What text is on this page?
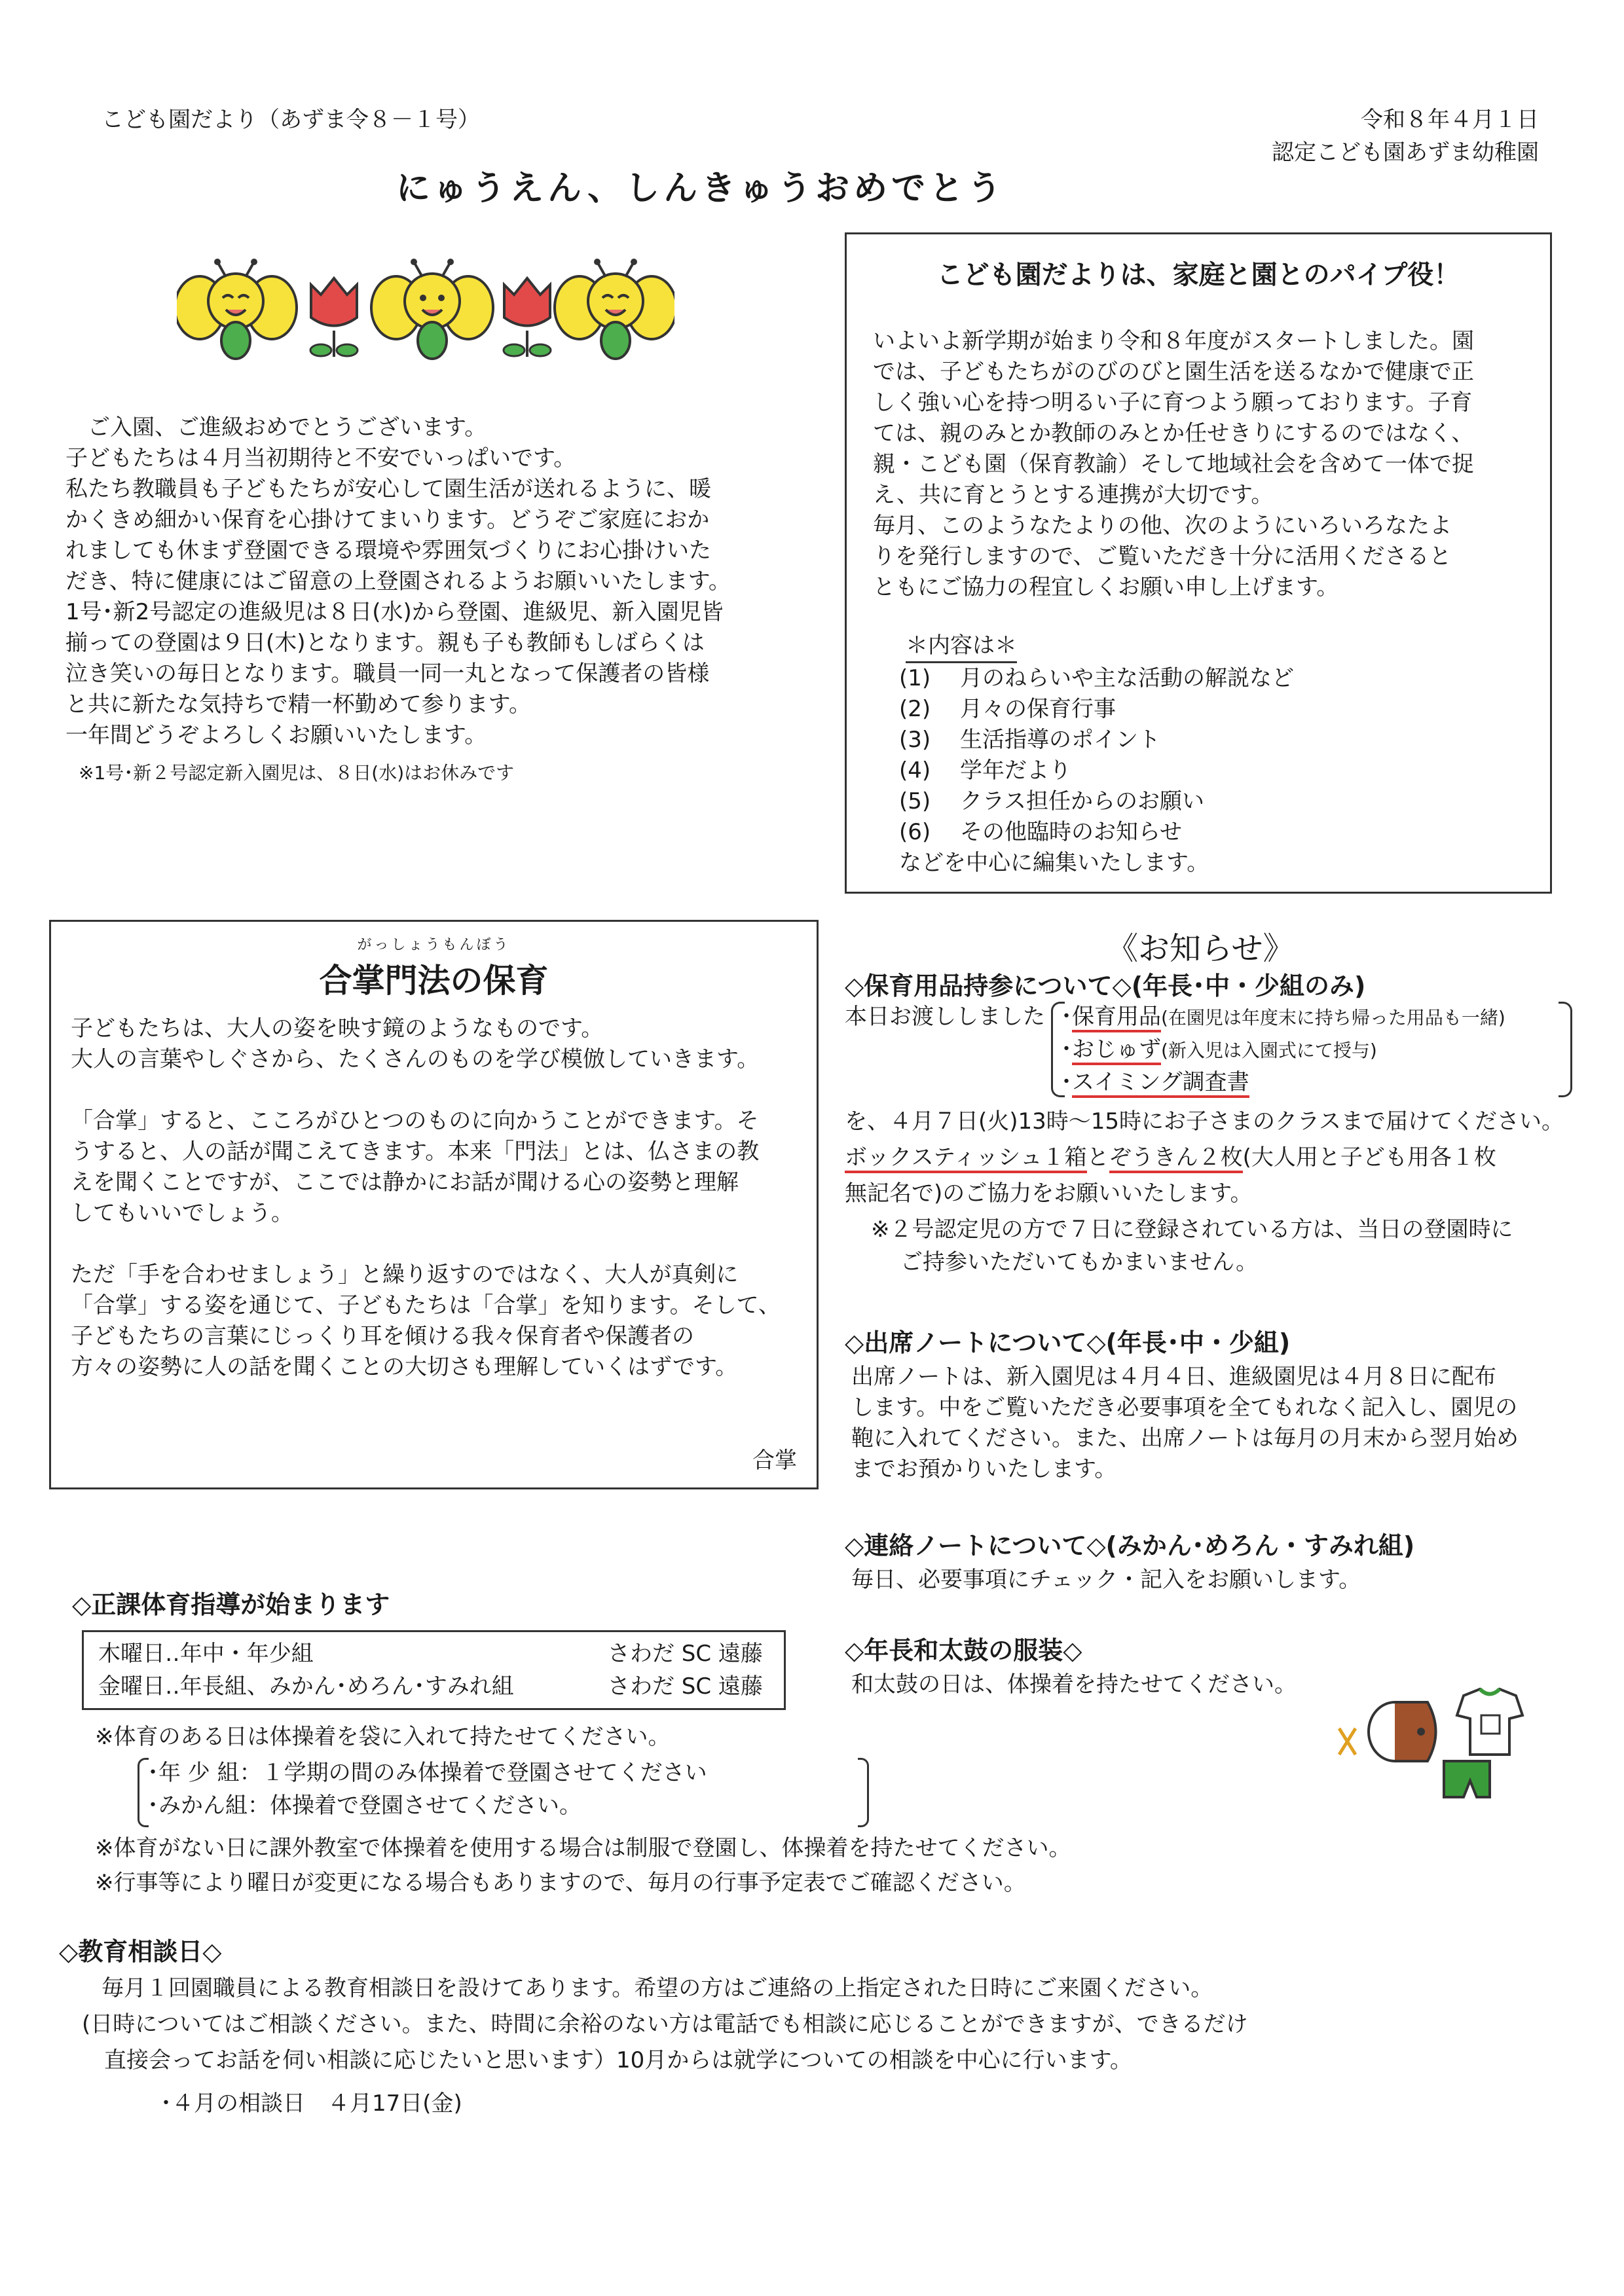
こども園だより（あずま令８－１号）	令和８年４月１日
認定こども園あずま幼稚園
にゅうえん、しんきゅうおめでとう
　ご入園、ご進級おめでとうございます。
子どもたちは４月当初期待と不安でいっぱいです。
私たち教職員も子どもたちが安心して園生活が送れるように、暖
かくきめ細かい保育を心掛けてまいります。どうぞご家庭におか
れましても休まず登園できる環境や雰囲気づくりにお心掛けいた
だき、特に健康にはご留意の上登園されるようお願いいたします。
1号･新2号認定の進級児は８日(水)から登園、進級児、新入園児皆
揃っての登園は９日(木)となります。親も子も教師もしばらくは
泣き笑いの毎日となります。職員一同一丸となって保護者の皆様
と共に新たな気持ちで精一杯勤めて参ります。
一年間どうぞよろしくお願いいたします。
※1号･新２号認定新入園児は、８日(水)はお休みです
こども園だよりは、家庭と園とのパイプ役！
いよいよ新学期が始まり令和８年度がスタートしました。園
では、子どもたちがのびのびと園生活を送るなかで健康で正
しく強い心を持つ明るい子に育つよう願っております。子育
ては、親のみとか教師のみとか任せきりにするのではなく、
親・こども園（保育教諭）そして地域社会を含めて一体で捉
え、共に育とうとする連携が大切です。
毎月、このようなたよりの他、次のようにいろいろなたよ
りを発行しますので、ご覧いただき十分に活用くださると
ともにご協力の程宜しくお願い申し上げます。
＊内容は＊
(1)　 月のねらいや主な活動の解説など
(2)　 月々の保育行事
(3)　 生活指導のポイント
(4)　 学年だより
(5)　 クラス担任からのお願い
(6)　 その他臨時のお知らせ
などを中心に編集いたします。
がっしょうもんぼう
合掌門法の保育
子どもたちは、大人の姿を映す鏡のようなものです。
大人の言葉やしぐさから、たくさんのものを学び模倣していきます。
「合掌」すると、こころがひとつのものに向かうことができます。そ
うすると、人の話が聞こえてきます。本来「門法」とは、仏さまの教
えを聞くことですが、ここでは静かにお話が聞ける心の姿勢と理解
してもいいでしょう。
ただ「手を合わせましょう」と繰り返すのではなく、大人が真剣に
「合掌」する姿を通じて、子どもたちは「合掌」を知ります。そして、
子どもたちの言葉にじっくり耳を傾ける我々保育者や保護者の
方々の姿勢に人の話を聞くことの大切さも理解していくはずです。
合掌
《お知らせ》
◇保育用品持参について◇(年長･中・少組のみ)
本日お渡ししました ･保育用品(在園児は年度末に持ち帰った用品も一緒)
･おじゅず(新入児は入園式にて授与)
･スイミング調査書
を、４月７日(火)13時～15時にお子さまのクラスまで届けてください。
ボックスティッシュ１箱とぞうきん２枚(大人用と子ども用各１枚
無記名で)のご協力をお願いいたします。
※２号認定児の方で７日に登録されている方は、当日の登園時に
ご持参いただいてもかまいません。
◇出席ノートについて◇(年長･中・少組)
出席ノートは、新入園児は４月４日、進級園児は４月８日に配布
します。中をご覧いただき必要事項を全てもれなく記入し、園児の
鞄に入れてください。また、出席ノートは毎月の月末から翌月始め
までお預かりいたします。
◇連絡ノートについて◇(みかん･めろん・すみれ組)
毎日、必要事項にチェック・記入をお願いします。
◇年長和太鼓の服装◇
和太鼓の日は、体操着を持たせてください。
◇正課体育指導が始まります
木曜日‥年中・年少組	さわだ SC 遠藤
金曜日‥年長組、みかん･めろん･すみれ組	さわだ SC 遠藤
※体育のある日は体操着を袋に入れて持たせてください。
･年 少 組：１学期の間のみ体操着で登園させてください
･みかん組：体操着で登園させてください。
※体育がない日に課外教室で体操着を使用する場合は制服で登園し、体操着を持たせてください。
※行事等により曜日が変更になる場合もありますので、毎月の行事予定表でご確認ください。
◇教育相談日◇
毎月１回園職員による教育相談日を設けてあります。希望の方はご連絡の上指定された日時にご来園ください。
(日時についてはご相談ください。また、時間に余裕のない方は電話でも相談に応じることができますが、できるだけ
　直接会ってお話を伺い相談に応じたいと思います）10月からは就学についての相談を中心に行います。
･４月の相談日　４月17日(金)
